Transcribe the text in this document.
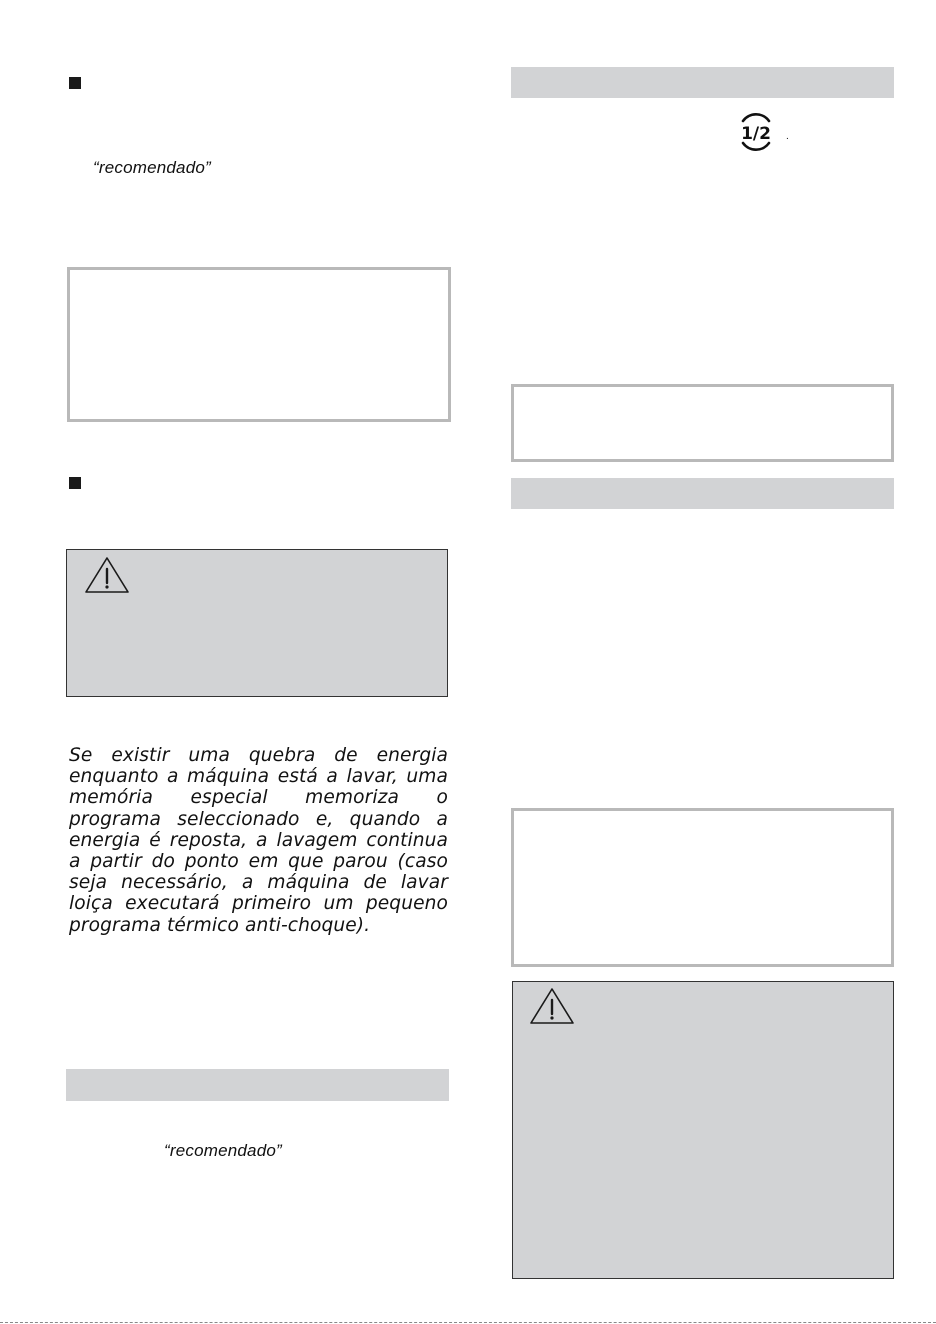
“recomendado”
Se existir uma quebra de energia enquanto a máquina está a lavar, uma memória especial memoriza o programa seleccionado e, quando a energia é reposta, a lavagem continua a partir do ponto em que parou (caso seja necessário, a máquina de lavar loiça executará primeiro um pequeno programa térmico anti-choque).
“recomendado”
1/2 .
